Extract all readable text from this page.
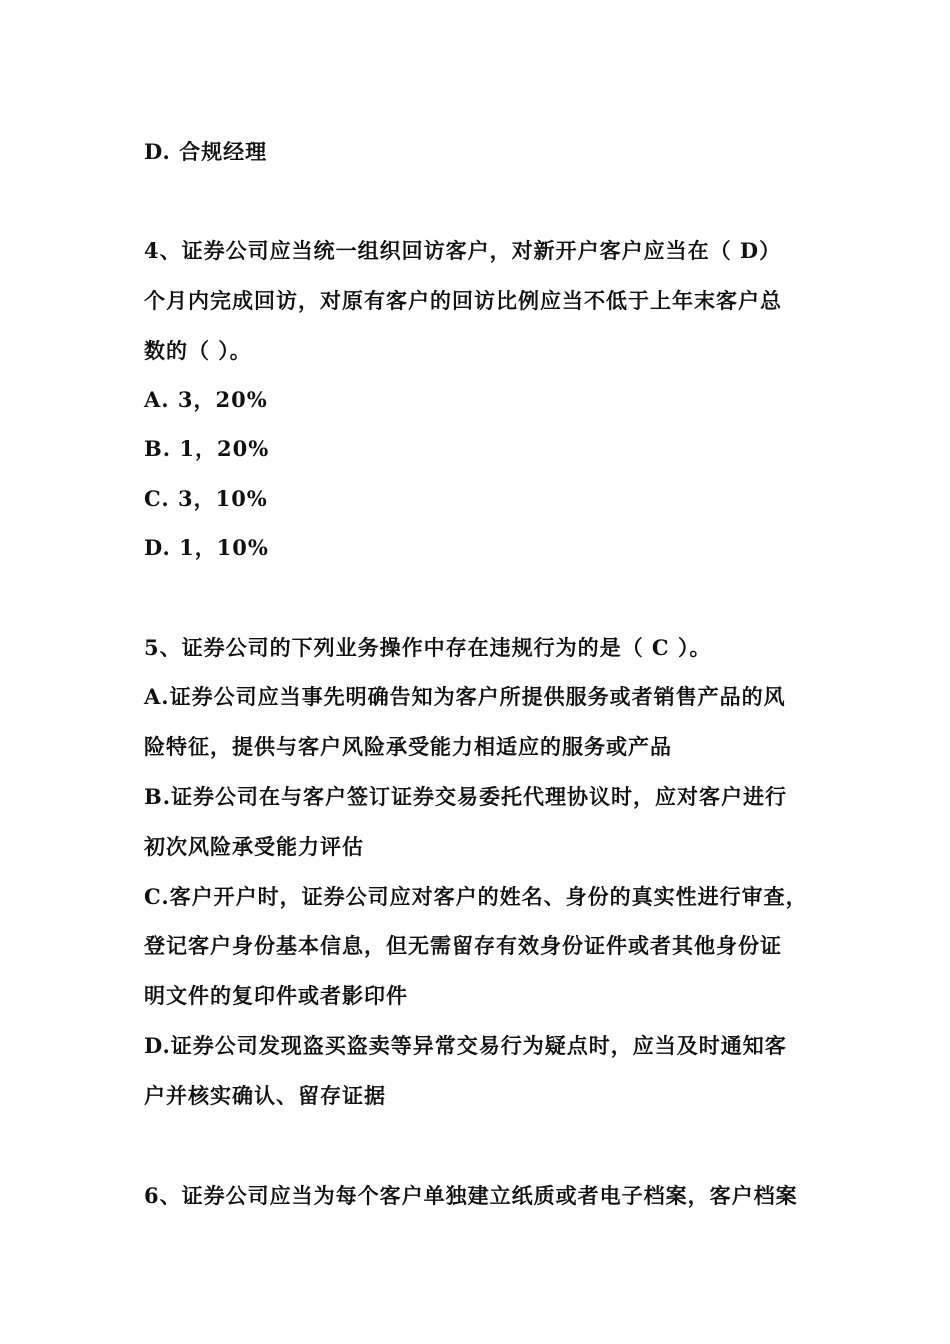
D. 合规经理
4、证券公司应当统一组织回访客户，对新开户客户应当在（ D）
个月内完成回访，对原有客户的回访比例应当不低于上年末客户总
数的（ ）。
A. 3，20%
B. 1，20%
C. 3，10%
D. 1，10%
5、证券公司的下列业务操作中存在违规行为的是（ C ）。
A.证券公司应当事先明确告知为客户所提供服务或者销售产品的风
险特征，提供与客户风险承受能力相适应的服务或产品
B.证券公司在与客户签订证券交易委托代理协议时，应对客户进行
初次风险承受能力评估
C.客户开户时，证券公司应对客户的姓名、身份的真实性进行审查，
登记客户身份基本信息，但无需留存有效身份证件或者其他身份证
明文件的复印件或者影印件
D.证券公司发现盗买盗卖等异常交易行为疑点时，应当及时通知客
户并核实确认、留存证据
6、证券公司应当为每个客户单独建立纸质或者电子档案，客户档案
